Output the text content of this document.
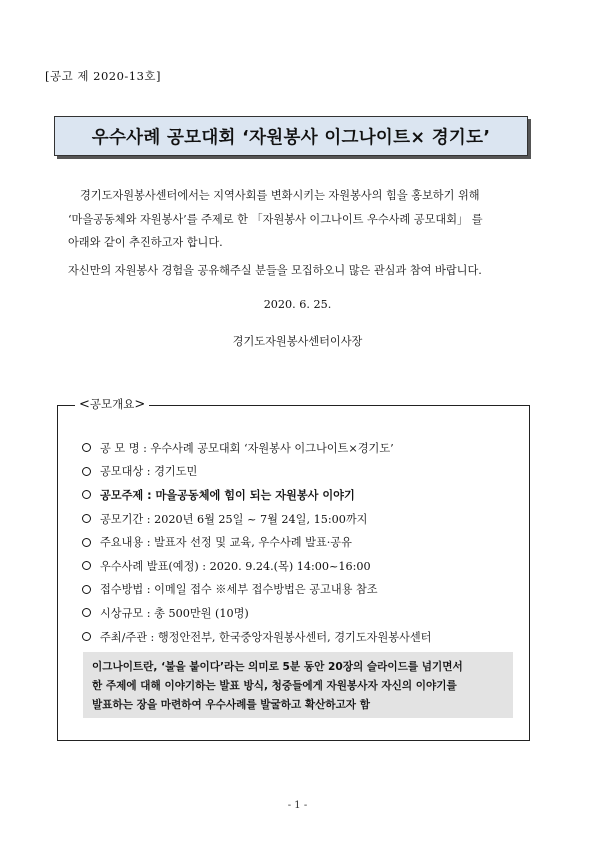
[공고 제 2020-13호]
우수사례 공모대회 ‘자원봉사 이그나이트× 경기도’

경기도자원봉사센터에서는 지역사회를 변화시키는 자원봉사의 힘을 홍보하기 위해

‘마을공동체와 자원봉사’를 주제로 한 「자원봉사 이그나이트 우수사례 공모대회」 를

아래와 같이 추진하고자 합니다.

자신만의 자원봉사 경험을 공유해주실 분들을 모집하오니 많은 관심과 참여 바랍니다.
2020. 6. 25.
경기도자원봉사센터이사장
< 공모개요 >
공 모 명 : 우수사례 공모대회 ‘자원봉사 이그나이트×경기도’
공모대상 : 경기도민
공모주제 : 마을공동체에 힘이 되는 자원봉사 이야기
공모기간 : 2020년 6월 25일 ~ 7월 24일, 15:00까지
주요내용 : 발표자 선정 및 교육, 우수사례 발표·공유
우수사례 발표(예정) : 2020. 9.24.(목) 14:00~16:00
접수방법 : 이메일 접수 ※세부 접수방법은 공고내용 참조
시상규모 : 총 500만원 (10명)
주최/주관 : 행정안전부, 한국중앙자원봉사센터, 경기도자원봉사센터
이그나이트란, ‘불을 붙이다’라는 의미로 5분 동안 20장의 슬라이드를 넘기면서
한 주제에 대해 이야기하는 발표 방식, 청중들에게 자원봉사자 자신의 이야기를
발표하는 장을 마련하여 우수사례를 발굴하고 확산하고자 함
- 1 -
